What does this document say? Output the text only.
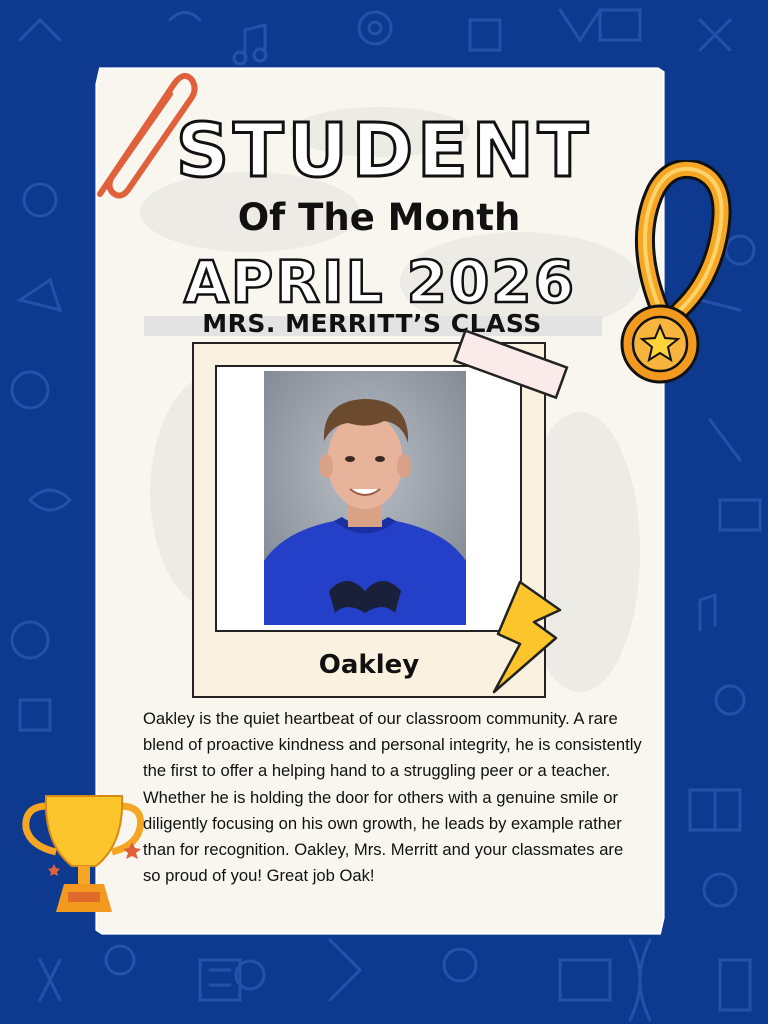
STUDENT
Of The Month
APRIL 2026
MRS. MERRITT’S CLASS
Oakley

Oakley is the quiet heartbeat of our classroom community. A rare blend of proactive kindness and personal integrity, he is consistently the first to offer a helping hand to a struggling peer or a teacher. Whether he is holding the door for others with a genuine smile or diligently focusing on his own growth, he leads by example rather than for recognition. Oakley, Mrs. Merritt and your classmates are so proud of you! Great job Oak!
